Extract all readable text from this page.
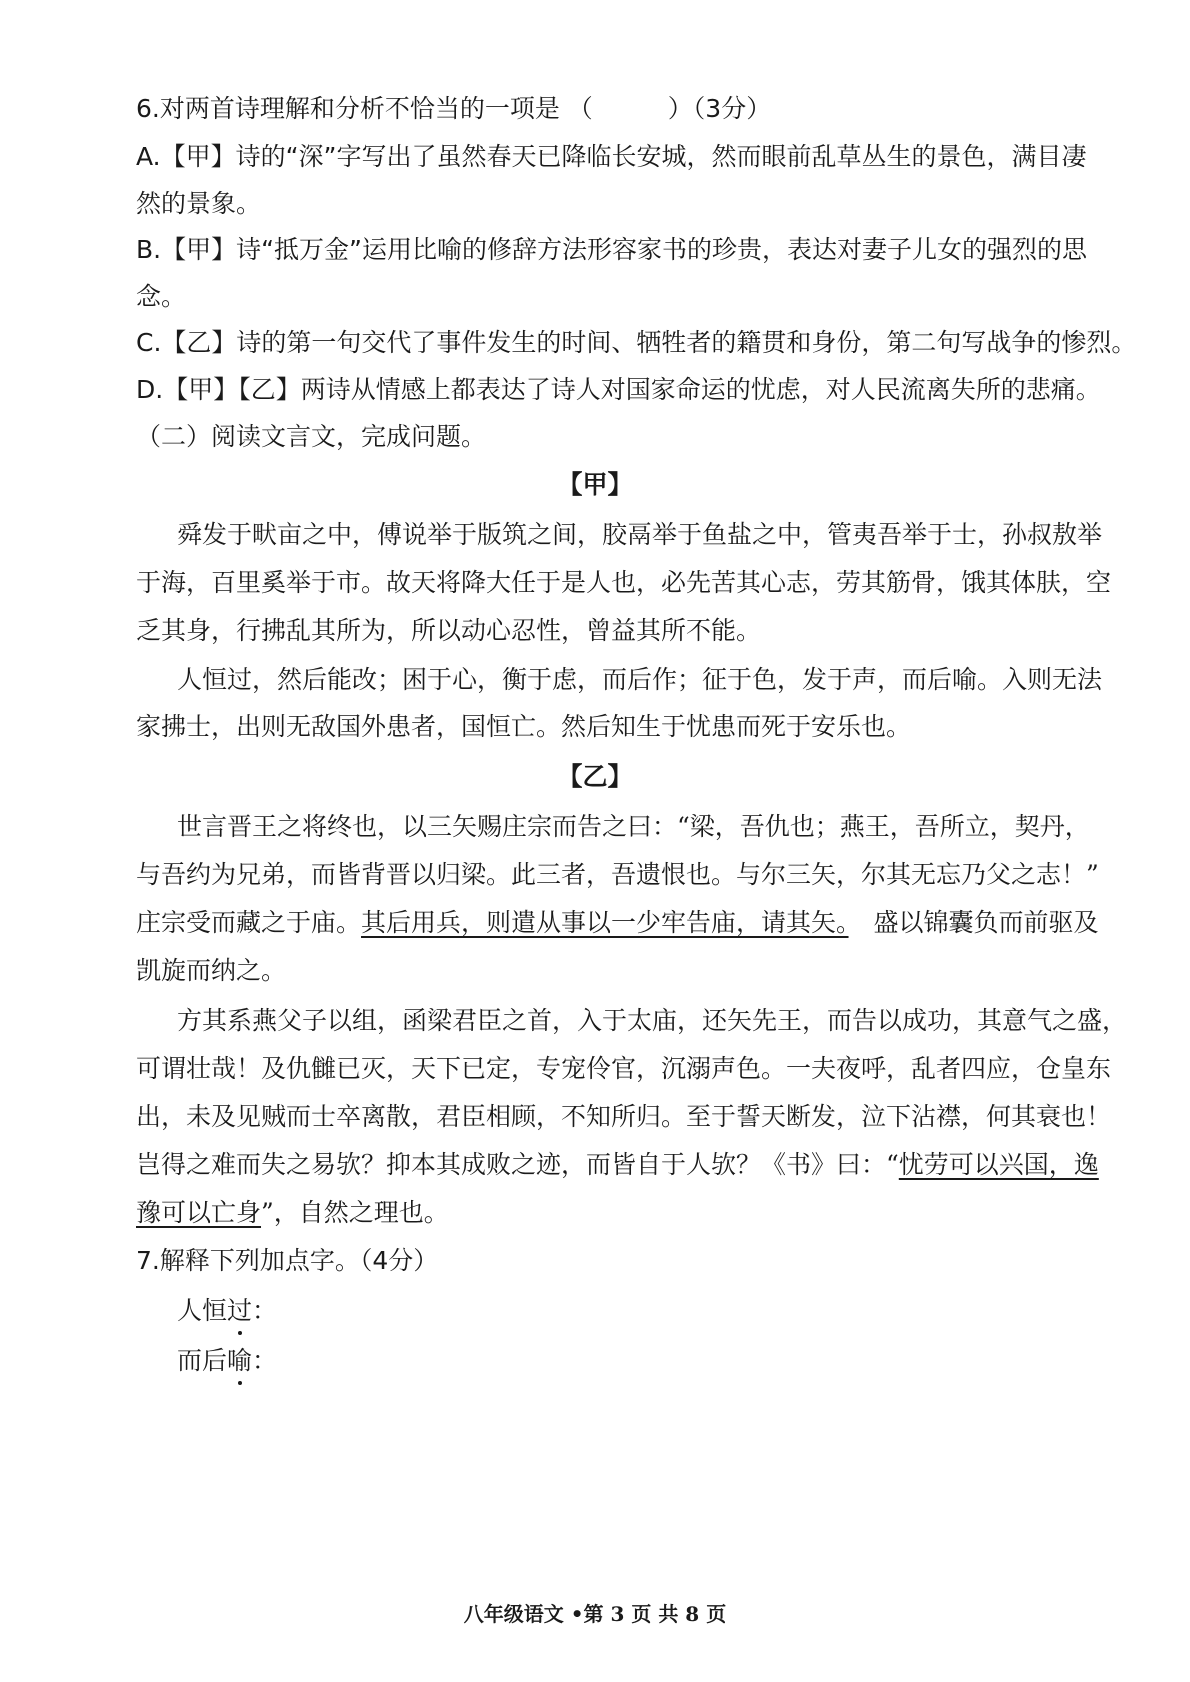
6.对两首诗理解和分析不恰当的一项是 （　　　）（3分）

A.【甲】诗的“深”字写出了虽然春天已降临长安城，然而眼前乱草丛生的景色，满目凄

然的景象。

B.【甲】诗“抵万金”运用比喻的修辞方法形容家书的珍贵，表达对妻子儿女的强烈的思

念。

C.【乙】诗的第一句交代了事件发生的时间、牺牲者的籍贯和身份，第二句写战争的惨烈。

D.【甲】【乙】两诗从情感上都表达了诗人对国家命运的忧虑，对人民流离失所的悲痛。

（二）阅读文言文，完成问题。

【甲】

舜发于畎亩之中，傅说举于版筑之间，胶鬲举于鱼盐之中，管夷吾举于士，孙叔敖举

于海，百里奚举于市。故天将降大任于是人也，必先苦其心志，劳其筋骨，饿其体肤，空

乏其身，行拂乱其所为，所以动心忍性，曾益其所不能。

人恒过，然后能改；困于心，衡于虑，而后作；征于色，发于声，而后喻。入则无法

家拂士，出则无敌国外患者，国恒亡。然后知生于忧患而死于安乐也。

【乙】

世言晋王之将终也，以三矢赐庄宗而告之曰：“梁，吾仇也；燕王，吾所立，契丹，

与吾约为兄弟，而皆背晋以归梁。此三者，吾遗恨也。与尔三矢，尔其无忘乃父之志！”

庄宗受而藏之于庙。其后用兵，则遣从事以一少牢告庙，请其矢。　盛以锦囊负而前驱及

凯旋而纳之。

方其系燕父子以组，函梁君臣之首，入于太庙，还矢先王，而告以成功，其意气之盛，

可谓壮哉！及仇雠已灭，天下已定，专宠伶官，沉溺声色。一夫夜呼，乱者四应，仓皇东

出，未及见贼而士卒离散，君臣相顾，不知所归。至于誓天断发，泣下沾襟，何其衰也！

岂得之难而失之易欤？抑本其成败之迹，而皆自于人欤？《书》曰：“忧劳可以兴国，逸

豫可以亡身”，自然之理也。

7.解释下列加点字。（4分）

人恒过：

而后喻：

八年级语文 •第 3 页 共 8 页
